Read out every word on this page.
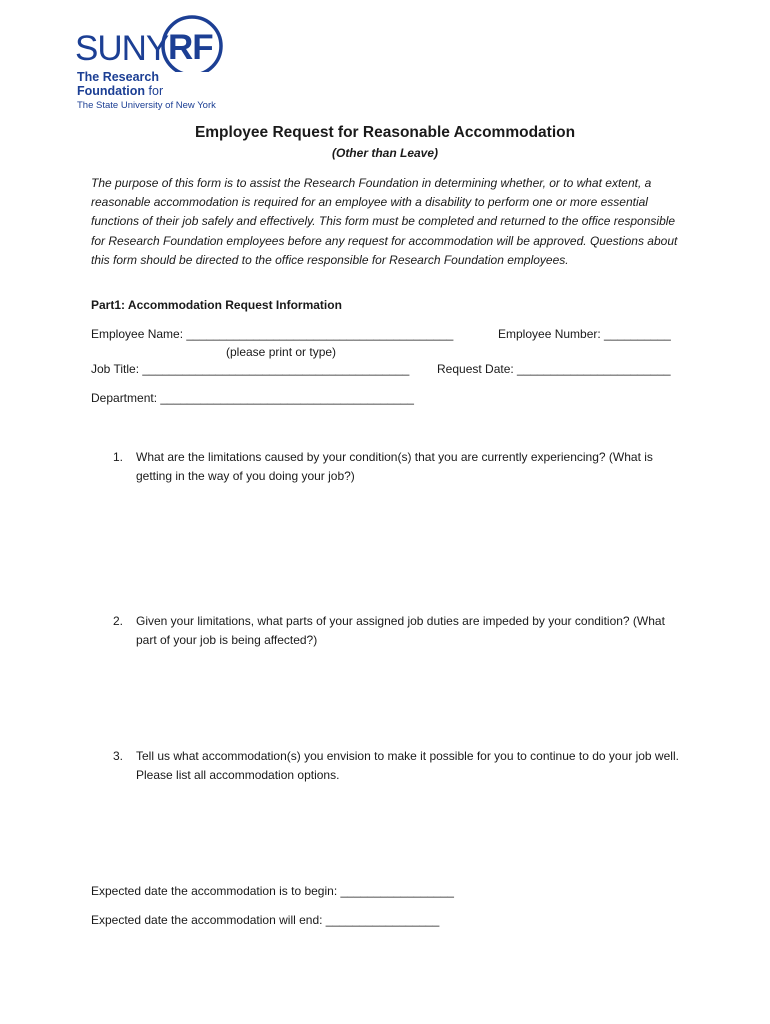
SUNY RF
The Research
Foundation for
The State University of New York
Employee Request for Reasonable Accommodation
(Other than Leave)
The purpose of this form is to assist the Research Foundation in determining whether, or to what extent, a reasonable accommodation is required for an employee with a disability to perform one or more essential functions of their job safely and effectively. This form must be completed and returned to the office responsible for Research Foundation employees before any request for accommodation will be approved. Questions about this form should be directed to the office responsible for Research Foundation employees.
Part1: Accommodation Request Information
Employee Name: ________________________________________	Employee Number: __________
(please print or type)
Job Title: ________________________________________ Request Date: _______________________
Department: ______________________________________
1. What are the limitations caused by your condition(s) that you are currently experiencing? (What is getting in the way of you doing your job?)
2. Given your limitations, what parts of your assigned job duties are impeded by your condition? (What part of your job is being affected?)
3. Tell us what accommodation(s) you envision to make it possible for you to continue to do your job well. Please list all accommodation options.
Expected date the accommodation is to begin: _________________
Expected date the accommodation will end: _________________
